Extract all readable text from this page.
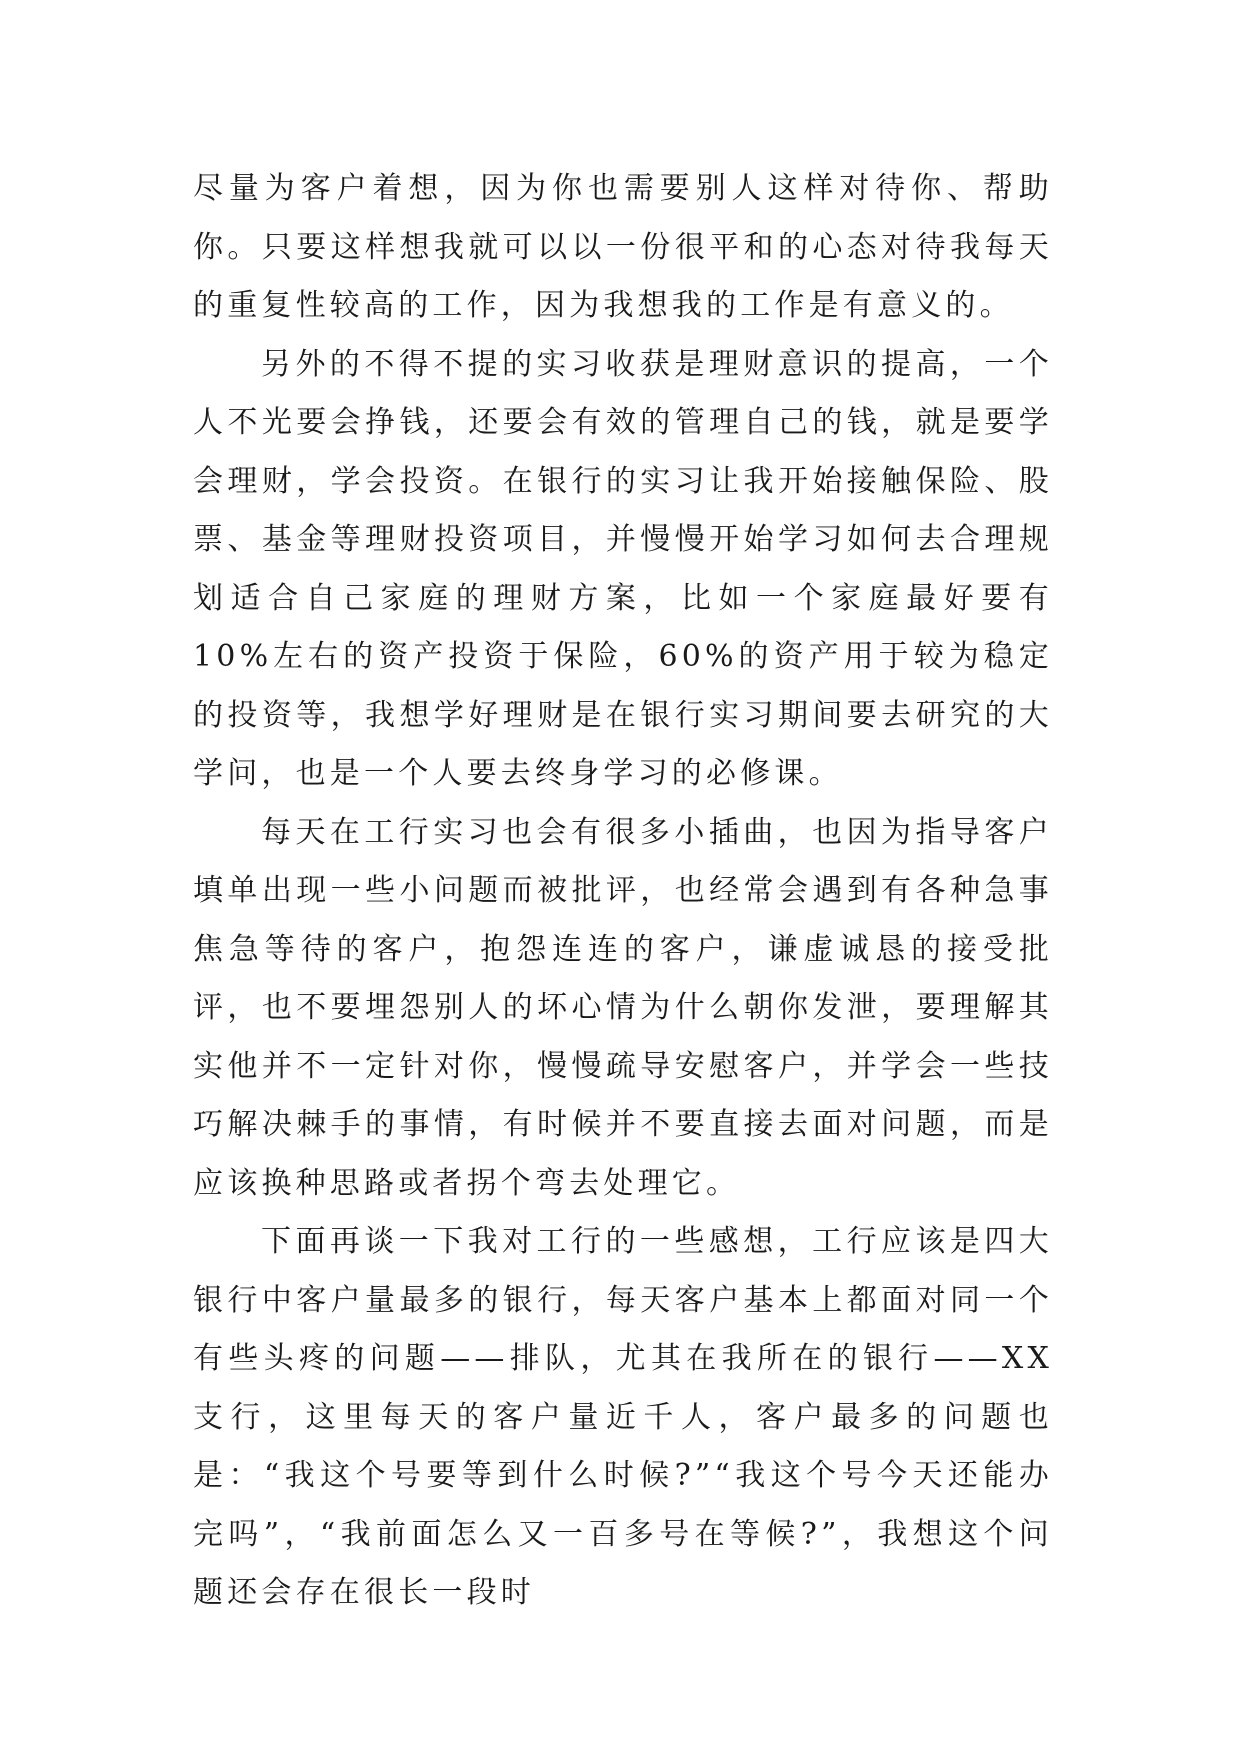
尽量为客户着想，因为你也需要别人这样对待你、帮助你。只要这样想我就可以以一份很平和的心态对待我每天的重复性较高的工作，因为我想我的工作是有意义的。

另外的不得不提的实习收获是理财意识的提高，一个人不光要会挣钱，还要会有效的管理自己的钱，就是要学会理财，学会投资。在银行的实习让我开始接触保险、股票、基金等理财投资项目，并慢慢开始学习如何去合理规划适合自己家庭的理财方案，比如一个家庭最好要有 10%左右的资产投资于保险，60%的资产用于较为稳定的投资等，我想学好理财是在银行实习期间要去研究的大学问，也是一个人要去终身学习的必修课。

每天在工行实习也会有很多小插曲，也因为指导客户填单出现一些小问题而被批评，也经常会遇到有各种急事焦急等待的客户，抱怨连连的客户，谦虚诚恳的接受批评，也不要埋怨别人的坏心情为什么朝你发泄，要理解其实他并不一定针对你，慢慢疏导安慰客户，并学会一些技巧解决棘手的事情，有时候并不要直接去面对问题，而是应该换种思路或者拐个弯去处理它。

下面再谈一下我对工行的一些感想，工行应该是四大银行中客户量最多的银行，每天客户基本上都面对同一个有些头疼的问题——排队，尤其在我所在的银行——XX 支行，这里每天的客户量近千人，客户最多的问题也是：“我这个号要等到什么时候?”“我这个号今天还能办完吗”，“我前面怎么又一百多号在等候?”，我想这个问题还会存在很长一段时
